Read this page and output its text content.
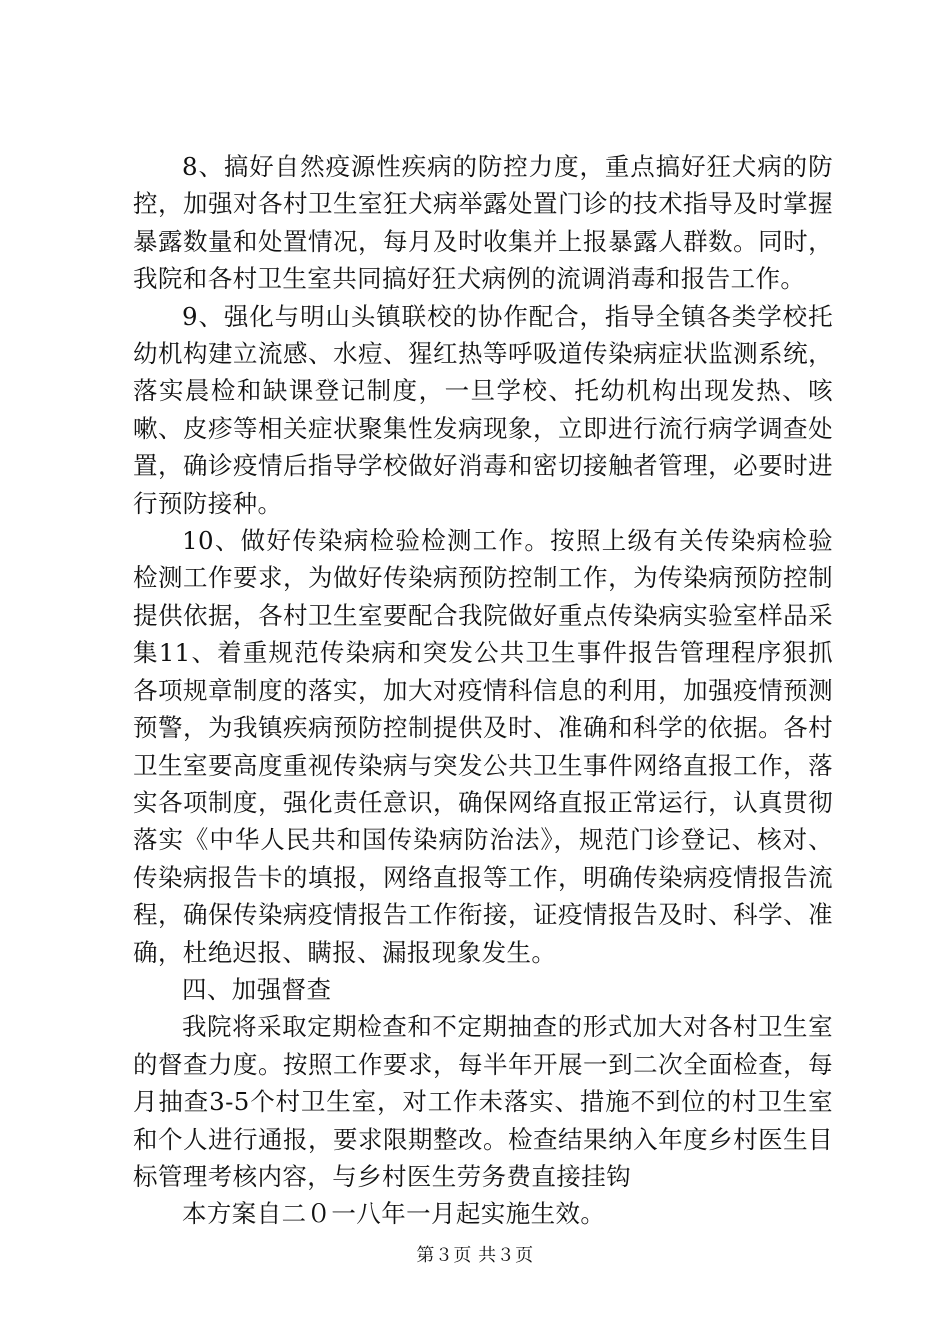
8、搞好自然疫源性疾病的防控力度，重点搞好狂犬病的防控，加强对各村卫生室狂犬病举露处置门诊的技术指导及时掌握暴露数量和处置情况，每月及时收集并上报暴露人群数。同时，我院和各村卫生室共同搞好狂犬病例的流调消毒和报告工作。

9、强化与明山头镇联校的协作配合，指导全镇各类学校托幼机构建立流感、水痘、猩红热等呼吸道传染病症状监测系统，落实晨检和缺课登记制度，一旦学校、托幼机构出现发热、咳嗽、皮疹等相关症状聚集性发病现象，立即进行流行病学调查处置，确诊疫情后指导学校做好消毒和密切接触者管理，必要时进行预防接种。

10、做好传染病检验检测工作。按照上级有关传染病检验检测工作要求，为做好传染病预防控制工作，为传染病预防控制提供依据，各村卫生室要配合我院做好重点传染病实验室样品采集11、着重规范传染病和突发公共卫生事件报告管理程序狠抓各项规章制度的落实，加大对疫情科信息的利用，加强疫情预测预警，为我镇疾病预防控制提供及时、准确和科学的依据。各村卫生室要高度重视传染病与突发公共卫生事件网络直报工作，落实各项制度，强化责任意识，确保网络直报正常运行，认真贯彻落实《中华人民共和国传染病防治法》，规范门诊登记、核对、传染病报告卡的填报，网络直报等工作，明确传染病疫情报告流程，确保传染病疫情报告工作衔接，证疫情报告及时、科学、准确，杜绝迟报、瞒报、漏报现象发生。

四、加强督查

我院将采取定期检查和不定期抽查的形式加大对各村卫生室的督查力度。按照工作要求，每半年开展一到二次全面检查，每月抽查3-5个村卫生室，对工作未落实、措施不到位的村卫生室和个人进行通报，要求限期整改。检查结果纳入年度乡村医生目标管理考核内容，与乡村医生劳务费直接挂钩

本方案自二０一八年一月起实施生效。

第３页 共３页
